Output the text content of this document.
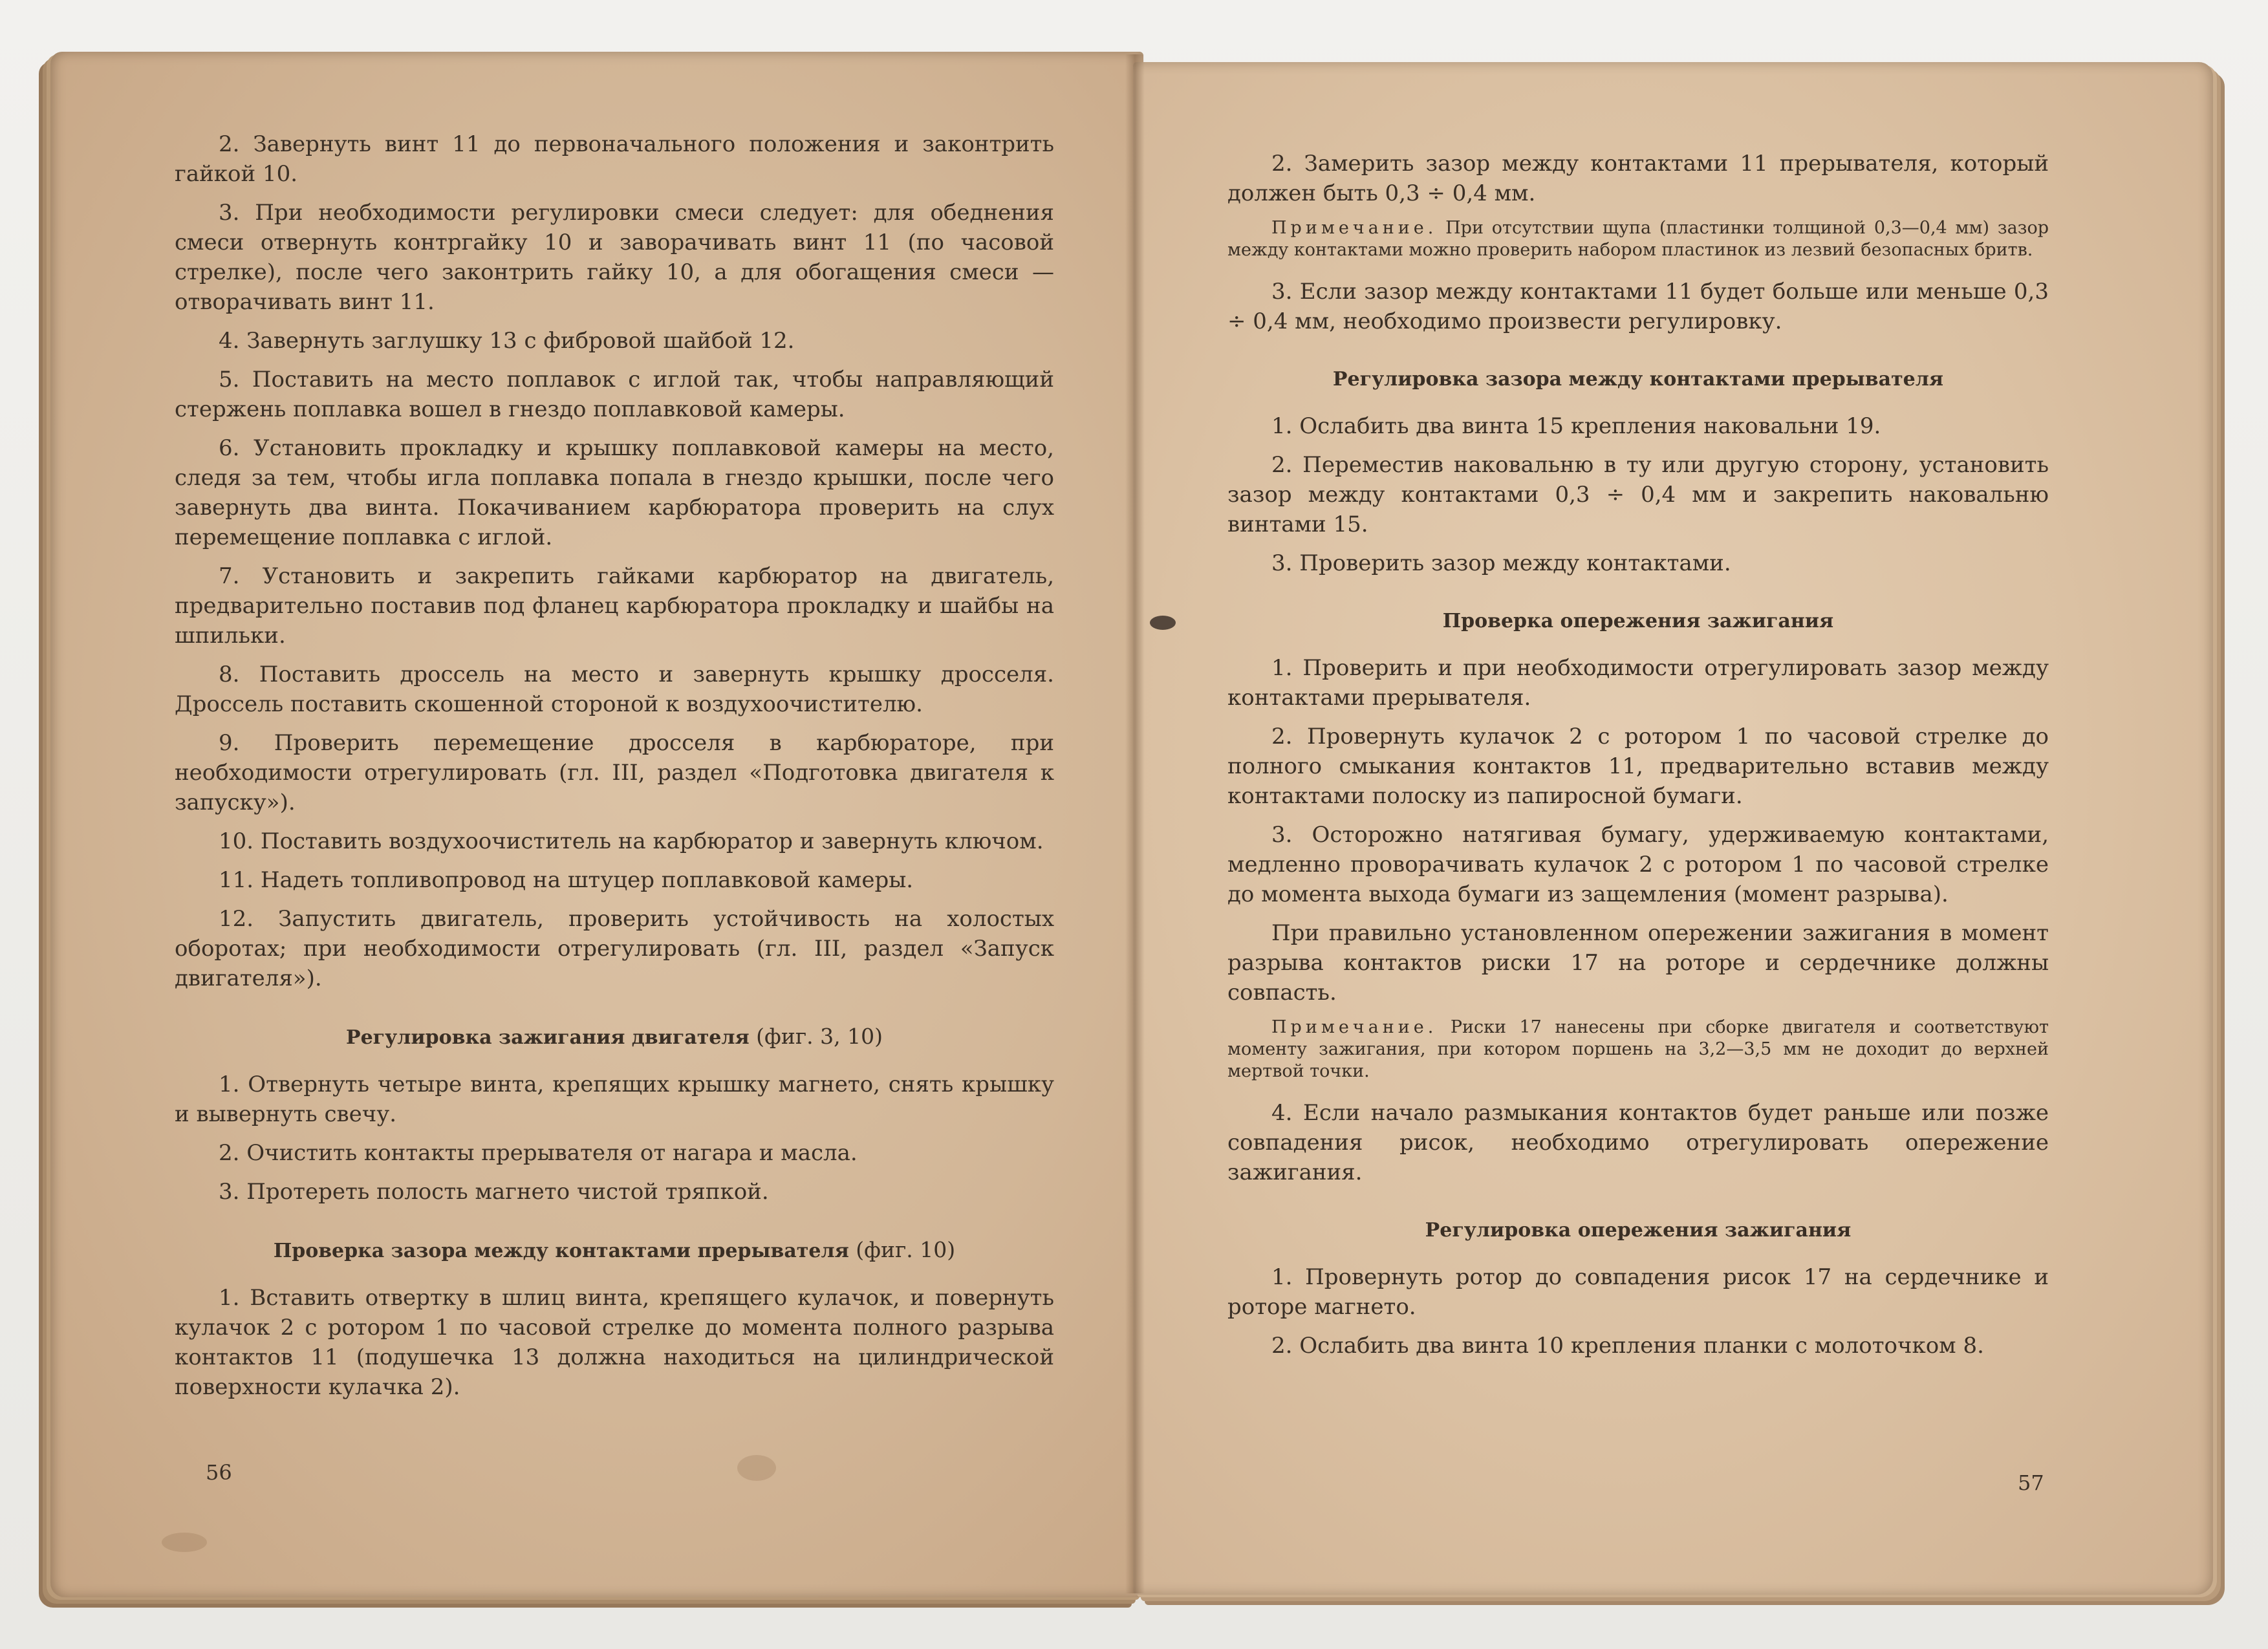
2. Завернуть винт 11 до первоначального положения и законтрить гайкой 10.

3. При необходимости регулировки смеси следует: для обеднения смеси отвернуть контргайку 10 и заворачивать винт 11 (по часовой стрелке), после чего законтрить гайку 10, а для обогащения смеси — отворачивать винт 11.

4. Завернуть заглушку 13 с фибровой шайбой 12.

5. Поставить на место поплавок с иглой так, чтобы направляющий стержень поплавка вошел в гнездо поплавковой камеры.

6. Установить прокладку и крышку поплавковой камеры на место, следя за тем, чтобы игла поплавка попала в гнездо крышки, после чего завернуть два винта. Покачиванием карбюратора проверить на слух перемещение поплавка с иглой.

7. Установить и закрепить гайками карбюратор на двигатель, предварительно поставив под фланец карбюратора прокладку и шайбы на шпильки.

8. Поставить дроссель на место и завернуть крышку дросселя. Дроссель поставить скошенной стороной к воздухоочистителю.

9. Проверить перемещение дросселя в карбюраторе, при необходимости отрегулировать (гл. III, раздел «Подготовка двигателя к запуску»).

10. Поставить воздухоочиститель на карбюратор и завернуть ключом.

11. Надеть топливопровод на штуцер поплавковой камеры.

12. Запустить двигатель, проверить устойчивость на холостых оборотах; при необходимости отрегулировать (гл. III, раздел «Запуск двигателя»).

Регулировка зажигания двигателя (фиг. 3, 10)

1. Отвернуть четыре винта, крепящих крышку магнето, снять крышку и вывернуть свечу.

2. Очистить контакты прерывателя от нагара и масла.

3. Протереть полость магнето чистой тряпкой.

Проверка зазора между контактами прерывателя (фиг. 10)

1. Вставить отвертку в шлиц винта, крепящего кулачок, и повернуть кулачок 2 с ротором 1 по часовой стрелке до момента полного разрыва контактов 11 (подушечка 13 должна находиться на цилиндрической поверхности кулачка 2).

56

2. Замерить зазор между контактами 11 прерывателя, который должен быть 0,3 ÷ 0,4 мм.

Примечание. При отсутствии щупа (пластинки толщиной 0,3—0,4 мм) зазор между контактами можно проверить набором пластинок из лезвий безопасных бритв.

3. Если зазор между контактами 11 будет больше или меньше 0,3 ÷ 0,4 мм, необходимо произвести регулировку.

Регулировка зазора между контактами прерывателя

1. Ослабить два винта 15 крепления наковальни 19.

2. Переместив наковальню в ту или другую сторону, установить зазор между контактами 0,3 ÷ 0,4 мм и закрепить наковальню винтами 15.

3. Проверить зазор между контактами.

Проверка опережения зажигания

1. Проверить и при необходимости отрегулировать зазор между контактами прерывателя.

2. Провернуть кулачок 2 с ротором 1 по часовой стрелке до полного смыкания контактов 11, предварительно вставив между контактами полоску из папиросной бумаги.

3. Осторожно натягивая бумагу, удерживаемую контактами, медленно проворачивать кулачок 2 с ротором 1 по часовой стрелке до момента выхода бумаги из защемления (момент разрыва).

При правильно установленном опережении зажигания в момент разрыва контактов риски 17 на роторе и сердечнике должны совпасть.

Примечание. Риски 17 нанесены при сборке двигателя и соответствуют моменту зажигания, при котором поршень на 3,2—3,5 мм не доходит до верхней мертвой точки.

4. Если начало размыкания контактов будет раньше или позже совпадения рисок, необходимо отрегулировать опережение зажигания.

Регулировка опережения зажигания

1. Провернуть ротор до совпадения рисок 17 на сердечнике и роторе магнето.

2. Ослабить два винта 10 крепления планки с молоточком 8.

57
